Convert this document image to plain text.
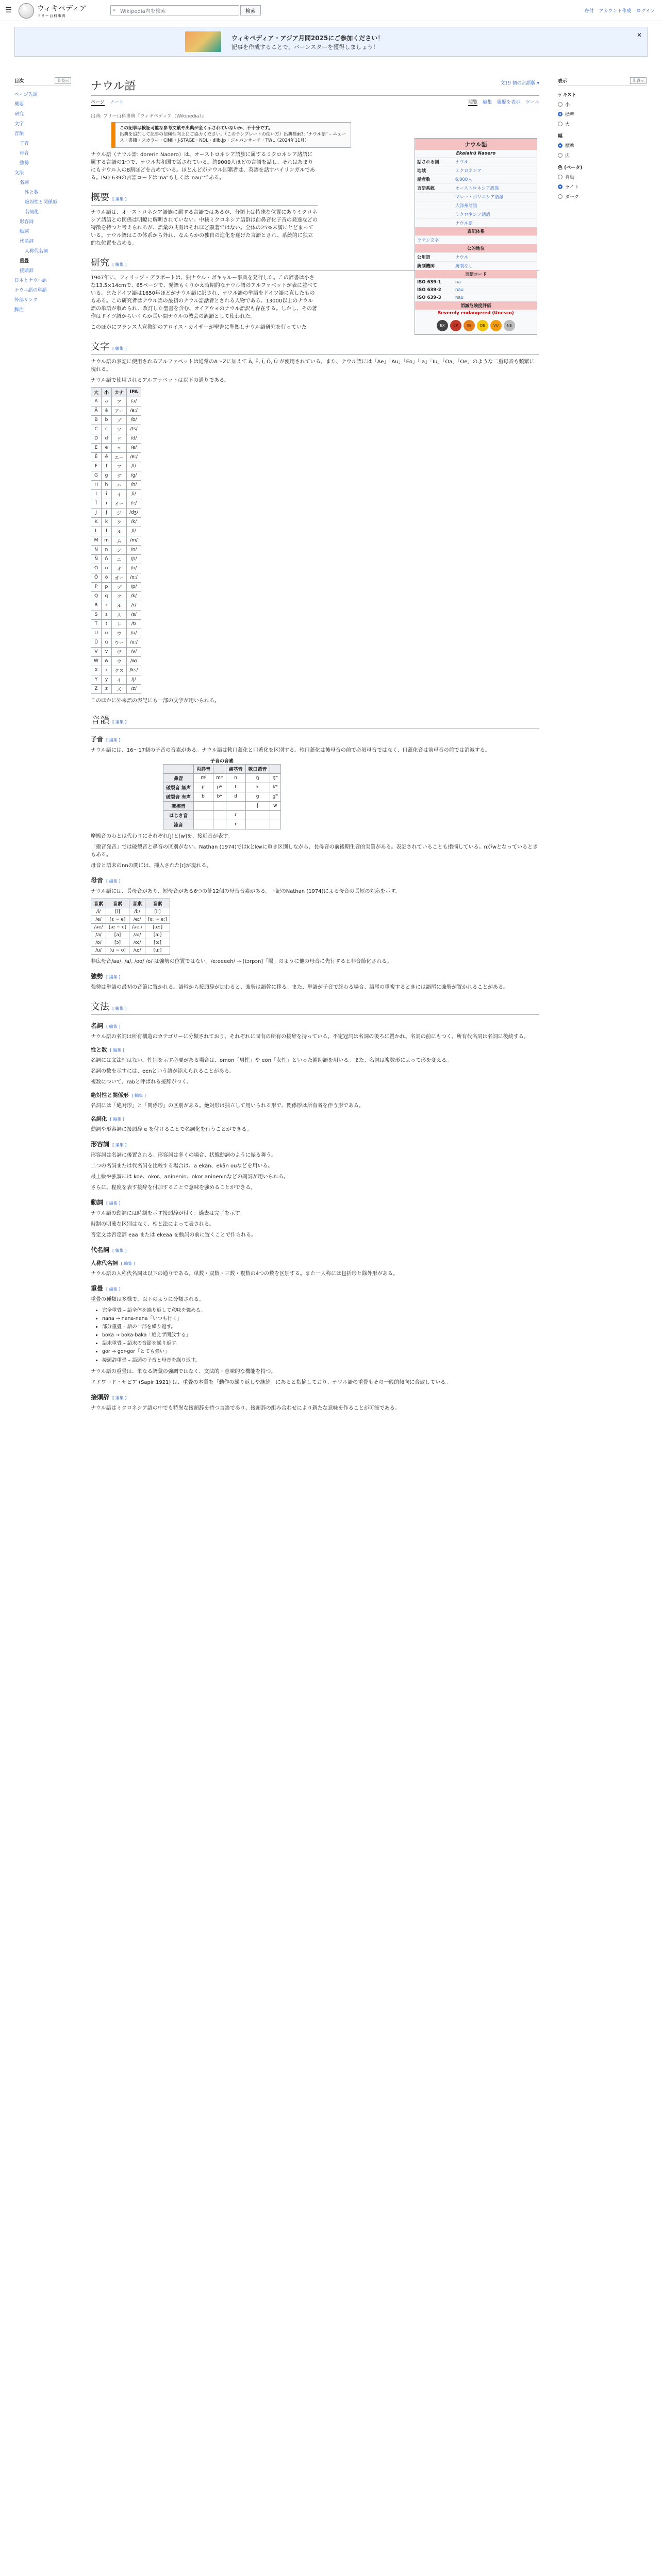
☰	ウィキペディア
フリー百科事典
⌕ Wikipedia内を検索	検索	寄付 アカウント作成 ログイン
ウィキペディア・アジア月間2025にご参加ください！
記事を作成することで、バーンスターを獲得しましょう！
✕
目次	非表示
ページ先頭
概要
研究
文字
音韻
子音
母音
強勢
文法
名詞
性と数
絶対性と関係形
名詞化
形容詞
動詞
代名詞
人称代名詞
重畳
接頭辞
日本とナウル語
ナウル語の単語
外部リンク
脚注
ナウル語	文19 個の言語版 ▾
ページ ノート	閲覧 編集 履歴を表示 ツール
出典: フリー百科事典『ウィキペディア（Wikipedia）』
この記事は検証可能な参考文献や出典が全く示されていないか、不十分です。
出典を追加して記事の信頼性向上にご協力ください。（このテンプレートの使い方）出典検索?: "ナウル語" – ニュース・書籍・スカラー・CiNii・J-STAGE・NDL・dlib.jp・ジャパンサーチ・TWL（2024年11月）

ナウル語（ナウル語: dorerin Naoero）は、オーストロネシア語族に属するミクロネシア諸語に属する言語の1つで、ナウル共和国で話されている。約9000人ほどの言語を話し、それはあまりにもナウル人の8割ほどを占めている。ほとんどがナウル国籍者は、英語を話すバイリンガルである。ISO 639の言語コードは"na"もしくは"nau"である。

概要 [ 編集 ]

ナウル語は、オーストロネシア語族に属する言語ではあるが、分類上は特殊な位置にありミクロネシア諸語との関係は明瞭に解明されていない。中核ミクロネシア語群は前鼻音化子音の発達などの特徴を持つと考えられるが、語彙の共有はそれほど顕著ではない。全体の25%未満にとどまっている。ナウル語はこの体系から外れ、なんらかの独自の進化を遂げた言語とされ、系統的に独立的な位置を占める。

研究 [ 編集 ]

1907年に、フィリップ・デラポートは、独ナウル・ボキャルー事典を発行した。この辞書は小さな13.5×14cmで、65ページで、発語もくりかえ時期的なナウル語のアルファベットが表に並べている。またドイツ語は1650年ほどがナウル語に訳され、ナウル語の単語をドイツ語に直したものもある。この研究者はナウル語の最初のナウル語話者とされる人物である。13000以上のナウル語の単語が収められ、改訂した聖書を含む、オイアウォのナウル語訳も存在する。しかし、その著作はドイツ語からいくらか長い間ナウルの教会の訳語として使われた。

このほかにフランス人宣教師のアロイス・カイザーが聖書に準拠しナウル語研究を行っていた。

文字 [ 編集 ]

ナウル語の表記に使用されるアルファベットは通常のA〜Zに加えて Ã, Ē, Ĩ, Õ, Ũ が使用されている。また、ナウル語には「Ae」「Au」「Eo」「Ia」「Iu」「Oa」「Oe」のような二重母音も頻繁に現れる。

ナウル語で使用されるアルファベットは以下の通りである。

大	小	カナ	IPA
A	a	ア	/a/
Ã	ã	アー	/aː/
B	b	ブ	/b/
C	c	ツ	/ts/
D	d	ド	/d/
E	e	エ	/e/
Ẽ	ẽ	エー	/eː/
F	f	フ	/f/
G	g	グ	/g/
H	h	ハ	/h/
I	i	イ	/i/
Ĩ	ĩ	イー	/iː/
J	j	ジ	/dʒ/
K	k	ク	/k/
L	l	ル	/l/
M	m	ム	/m/
N	n	ン	/n/
Ñ	ñ	ニ	/ɲ/
O	o	オ	/o/
Õ	õ	オー	/oː/
P	p	プ	/p/
Q	q	ク	/k/
R	r	ル	/r/
S	s	ス	/s/
T	t	ト	/t/
U	u	ウ	/u/
Ũ	ũ	ウー	/uː/
V	v	ヴ	/v/
W	w	ウ	/w/
X	x	クス	/ks/
Y	y	イ	/j/
Z	z	ズ	/z/

このほかに外来語の表記にも一部の文字が用いられる。

音韻 [ 編集 ]
子音 [ 編集 ]

ナウル語には、16〜17個の子音の音素がある。ナウル語は軟口蓋化と口蓋化を区別する。軟口蓋化は後母音の前で必須母音ではなく、口蓋化音は前母音の前では消滅する。

子音の音素
	両唇音		歯茎音	軟口蓋音	
鼻音	mʲ	mʷ	n	ŋ	ŋʷ
破裂音 無声	pʲ	pʷ	t	k	kʷ
破裂音 有声	bʲ	bʷ	d	ɡ	ɡʷ
摩擦音				j	w
はじき音			ɾ		
流音			r		

摩擦音のわとは代わりにそれぞれ[j]と[w]を、接近音が表す。

「撥音発音」では破裂音と鼻音の区別がない。Nathan (1974)ではkとkwに重き区別しながら、長母音の前後期生音的実質がある。表記されていることも指摘している。nがwとなっているときもある。

母音と語末のnnの間には、挿入された[ɪ]が現れる。

母音 [ 編集 ]

ナウル語には、長母音があり、短母音がある6つの計12個の母音音素がある。下記のNathan (1974)による母音の長短の対応を示す。

音素	音素	音素	音素
/i/	[i]	/iː/	[iː]
/e/	[ɛ ~ e]	/eː/	[ɛː ~ eː]
/ae/	[æ ~ ɛ]	/aeː/	[æː]
/a/	[a]	/aː/	[aː]
/o/	[ɔ]	/oː/	[ɔː]
/u/	[u ~ ʊ]	/uː/	[uː]

非広母音/aa/, /a/, /oo/ /o/ は強勢の位置ではない。/e:eeeeh/ → [tɔrpɔn]「陽」のように他の母音に先行すると非音節化される。

強勢 [ 編集 ]

強勢は単語の最初の音節に置かれる。語幹から接頭辞が加わると、強勢は語幹に移る。また、単語が子音で終わる場合、語尾の重複するときには語尾に強勢が置かれることがある。

文法 [ 編集 ]
名詞 [ 編集 ]

ナウル語の名詞は所有構造のカテゴリーに分類されており、それぞれに固有の所有の接辞を持っている。不定冠詞は名詞の後ろに置かれ、名詞の前にもつく。所有代名詞は名詞に後続する。

性と数 [ 編集 ]

名詞には文法性はない。性別を示す必要がある場合は、omon「男性」や eon「女性」といった補助語を用いる。また、名詞は複数形によって形を変える。

名詞の数を示すには、eenという語が添えられることがある。

複数について、rabと呼ばれる接辞がつく。

絶対性と関係形 [ 編集 ]

名詞には「絶対形」と「関係形」の区別がある。絶対形は独立して用いられる形で、関係形は所有者を伴う形である。

名詞化 [ 編集 ]

動詞や形容詞に接頭辞 e を付けることで名詞化を行うことができる。

形容詞 [ 編集 ]

形容詞は名詞に後置される。形容詞は多くの場合、状態動詞のように振る舞う。

二つの名詞または代名詞を比較する場合は、a ekãn、ekãn ouなどを用いる。

最上級や強調には koe、okor、aninenin、okor anineninなどの副詞が用いられる。

さらに、程度を表す接辞を付加することで意味を強めることができる。

動詞 [ 編集 ]

ナウル語の動詞には時制を示す接頭辞が付く。過去は完了を示す。

時制の明確な区別はなく、相と法によって表される。

否定文は否定辞 eaa または ekeaa を動詞の前に置くことで作られる。

代名詞 [ 編集 ]
人称代名詞 [ 編集 ]

ナウル語の人称代名詞は以下の通りである。単数・双数・三数・複数の4つの数を区別する。また一人称には包括形と除外形がある。

重畳 [ 編集 ]

重畳の種類は多様で、以下のように分類される。

• 完全重畳 – 語全体を繰り返して意味を強める。
• nana → nana-nana「いつも行く」
• 部分重畳 – 語の一部を繰り返す。
• boka → boka-baka「絶えず開放する」
• 語末重畳 – 語末の音節を繰り返す。
• gor → gor-gor「とても強い」
• 接頭辞重畳 – 語頭の子音と母音を繰り返す。

ナウル語の重畳は、単なる語彙の強調ではなく、文法的・意味的な機能を持つ。

エドワード・サピア (Sapir 1921) は、重畳の本質を「動作の繰り返しや継続」にあると指摘しており、ナウル語の重畳もその一般的傾向に合致している。

接頭辞 [ 編集 ]

ナウル語はミクロネシア語の中でも特異な接頭辞を持つ言語であり、接頭辞の組み合わせにより新たな意味を作ることが可能である。

ナウル語
Ekaiairũ Naoero
話される国	ナウル
地域	ミクロネシア
話者数	6,000人
言語系統	オーストロネシア語族
マレー・ポリネシア語派
大洋州諸語
ミクロネシア諸語
ナウル語
表記体系
ラテン文字
公的地位
公用語	ナウル
統制機関	統制なし
言語コード
ISO 639-1	na
ISO 639-2	nau
ISO 639-3	nau
消滅危険度評価
Severely endangered (Unesco)
EX	CR	SE	DE	VU	NE
表示	非表示
テキスト
小
標準
大
幅
標準
広
色 (ベータ)
自動
ライト
ダーク
